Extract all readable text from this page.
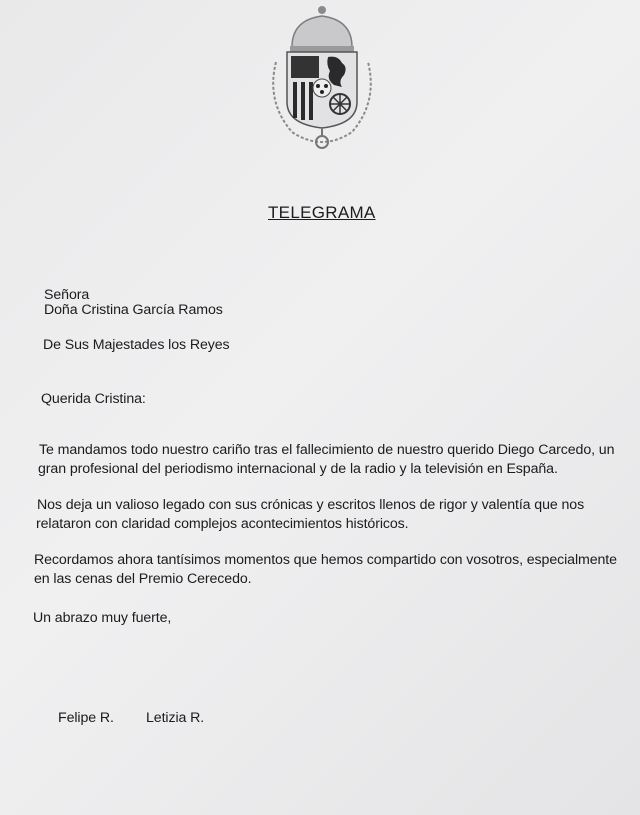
TELEGRAMA
Señora
Doña Cristina García Ramos
De Sus Majestades los Reyes
Querida Cristina:
Te mandamos todo nuestro cariño tras el fallecimiento de nuestro querido Diego Carcedo, un
gran profesional del periodismo internacional y de la radio y la televisión en España.
Nos deja un valioso legado con sus crónicas y escritos llenos de rigor y valentía que nos
relataron con claridad complejos acontecimientos históricos.
Recordamos ahora tantísimos momentos que hemos compartido con vosotros, especialmente
en las cenas del Premio Cerecedo.
Un abrazo muy fuerte,
Felipe R. Letizia R.
